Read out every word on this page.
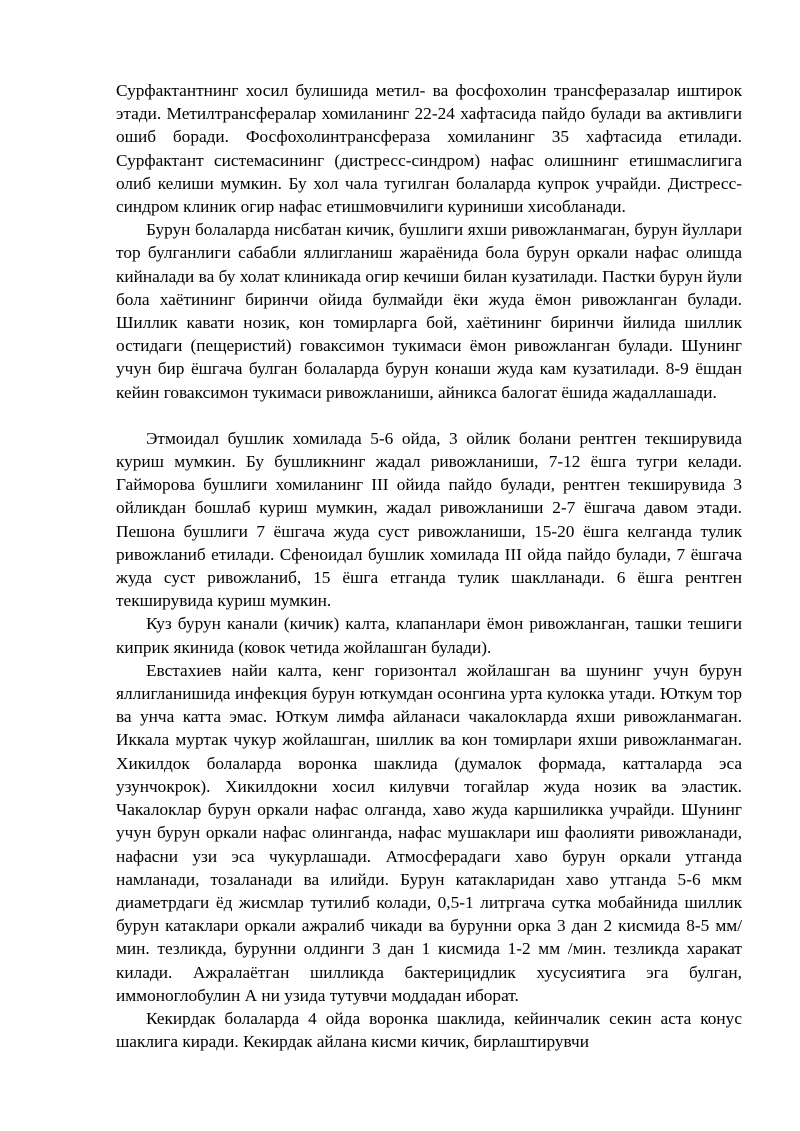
Сурфактантнинг хосил булишида метил- ва фосфохолин трансферазалар иштирок этади. Метилтрансфералар хомиланинг 22-24 хафтасида пайдо булади ва активлиги ошиб боради. Фосфохолинтрансфераза хомиланинг 35 хафтасида етилади. Сурфактант системасининг (дистресс-синдром) нафас олишнинг етишмаслигига олиб келиши мумкин. Бу хол чала тугилган болаларда купрок учрайди. Дистресс-синдром клиник огир нафас етишмовчилиги куриниши хисобланади.

Бурун болаларда нисбатан кичик, бушлиги яхши ривожланмаган, бурун йуллари тор булганлиги сабабли яллигланиш жараёнида бола бурун оркали нафас олишда кийналади ва бу холат клиникада огир кечиши билан кузатилади. Пастки бурун йули бола хаётининг биринчи ойида булмайди ёки жуда ёмон ривожланган булади. Шиллик кавати нозик, кон томирларга бой, хаётининг биринчи йилида шиллик остидаги (пещеристий) говаксимон тукимаси ёмон ривожланган булади. Шунинг учун бир ёшгача булган болаларда бурун конаши жуда кам кузатилади. 8-9 ёшдан кейин говаксимон тукимаси ривожланиши, айникса балогат ёшида жадаллашади.

Этмоидал бушлик хомилада 5-6 ойда, 3 ойлик болани рентген текширувида куриш мумкин. Бу бушликнинг жадал ривожланиши, 7-12 ёшга тугри келади. Гайморова бушлиги хомиланинг III ойида пайдо булади, рентген текширувида 3 ойликдан бошлаб куриш мумкин, жадал ривожланиши 2-7 ёшгача давом этади. Пешона бушлиги 7 ёшгача жуда суст ривожланиши, 15-20 ёшга келганда тулик ривожланиб етилади. Сфеноидал бушлик хомилада III ойда пайдо булади, 7 ёшгача жуда суст ривожланиб, 15 ёшга етганда тулик шаклланади. 6 ёшга рентген текширувида куриш мумкин.

Куз бурун канали (кичик) калта, клапанлари ёмон ривожланган, ташки тешиги киприк якинида (ковок четида жойлашган булади).

Евстахиев найи калта, кенг горизонтал жойлашган ва шунинг учун бурун яллигланишида инфекция бурун юткумдан осонгина урта кулокка утади. Юткум тор ва унча катта эмас. Юткум лимфа айланаси чакалокларда яхши ривожланмаган. Иккала муртак чукур жойлашган, шиллик ва кон томирлари яхши ривожланмаган. Хикилдок болаларда воронка шаклида (думалок формада, катталарда эса узунчокрок). Хикилдокни хосил килувчи тогайлар жуда нозик ва эластик. Чакалоклар бурун оркали нафас олганда, хаво жуда каршиликка учрайди. Шунинг учун бурун оркали нафас олинганда, нафас мушаклари иш фаолияти ривожланади, нафасни узи эса чукурлашади. Атмосферадаги хаво бурун оркали утганда намланади, тозаланади ва илийди. Бурун катакларидан хаво утганда 5-6 мкм диаметрдаги ёд жисмлар тутилиб колади, 0,5-1 литргача сутка мобайнида шиллик бурун катаклари оркали ажралиб чикади ва бурунни орка 3 дан 2 кисмида 8-5 мм/мин. тезликда, бурунни олдинги 3 дан 1 кисмида 1-2 мм /мин. тезликда харакат килади. Ажралаётган шилликда бактерицидлик хусусиятига эга булган, иммоноглобулин А ни узида тутувчи моддадан иборат.

Кекирдак болаларда 4 ойда воронка шаклида, кейинчалик секин аста конус шаклига киради. Кекирдак айлана кисми кичик, бирлаштирувчи
